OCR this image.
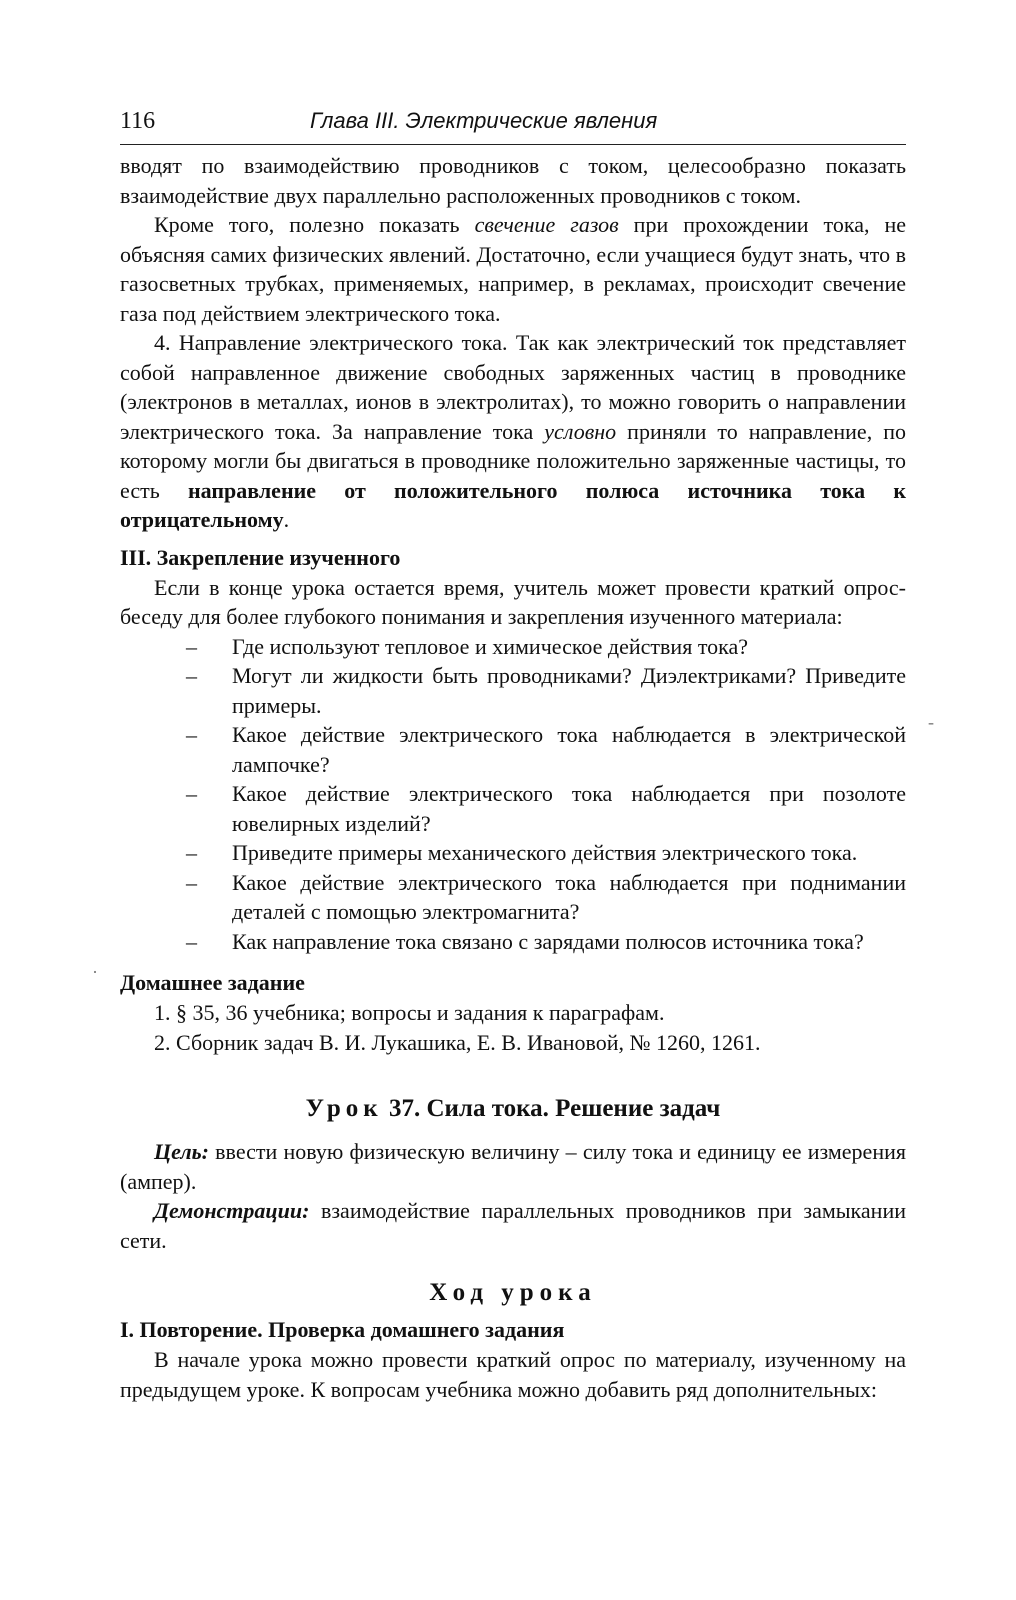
116	Глава III. Электрические явления

вводят по взаимодействию проводников с током, целесообразно показать взаимодействие двух параллельно расположенных проводников с током.

Кроме того, полезно показать свечение газов при прохождении тока, не объясняя самих физических явлений. Достаточно, если учащиеся будут знать, что в газосветных трубках, применяемых, например, в рекламах, происходит свечение газа под действием электрического тока.

4. Направление электрического тока. Так как электрический ток представляет собой направленное движение свободных заряженных частиц в проводнике (электронов в металлах, ионов в электролитах), то можно говорить о направлении электрического тока. За направление тока условно приняли то направление, по которому могли бы двигаться в проводнике положительно заряженные частицы, то есть направление от положительного полюса источника тока к отрицательному.

III. Закрепление изученного

Если в конце урока остается время, учитель может провести краткий опрос-беседу для более глубокого понимания и закрепления изученного материала:

– Где используют тепловое и химическое действия тока?
– Могут ли жидкости быть проводниками? Диэлектриками? Приведите примеры.
– Какое действие электрического тока наблюдается в электрической лампочке?
– Какое действие электрического тока наблюдается при позолоте ювелирных изделий?
– Приведите примеры механического действия электрического тока.
– Какое действие электрического тока наблюдается при поднимании деталей с помощью электромагнита?
– Как направление тока связано с зарядами полюсов источника тока?
Домашнее задание
1. § 35, 36 учебника; вопросы и задания к параграфам.
2. Сборник задач В. И. Лукашика, Е. В. Ивановой, № 1260, 1261.
Урок 37. Сила тока. Решение задач

Цель: ввести новую физическую величину – силу тока и единицу ее измерения (ампер).

Демонстрации: взаимодействие параллельных проводников при замыкании сети.

Ход урока
I. Повторение. Проверка домашнего задания

В начале урока можно провести краткий опрос по материалу, изученному на предыдущем уроке. К вопросам учебника можно добавить ряд дополнительных:

·
-
